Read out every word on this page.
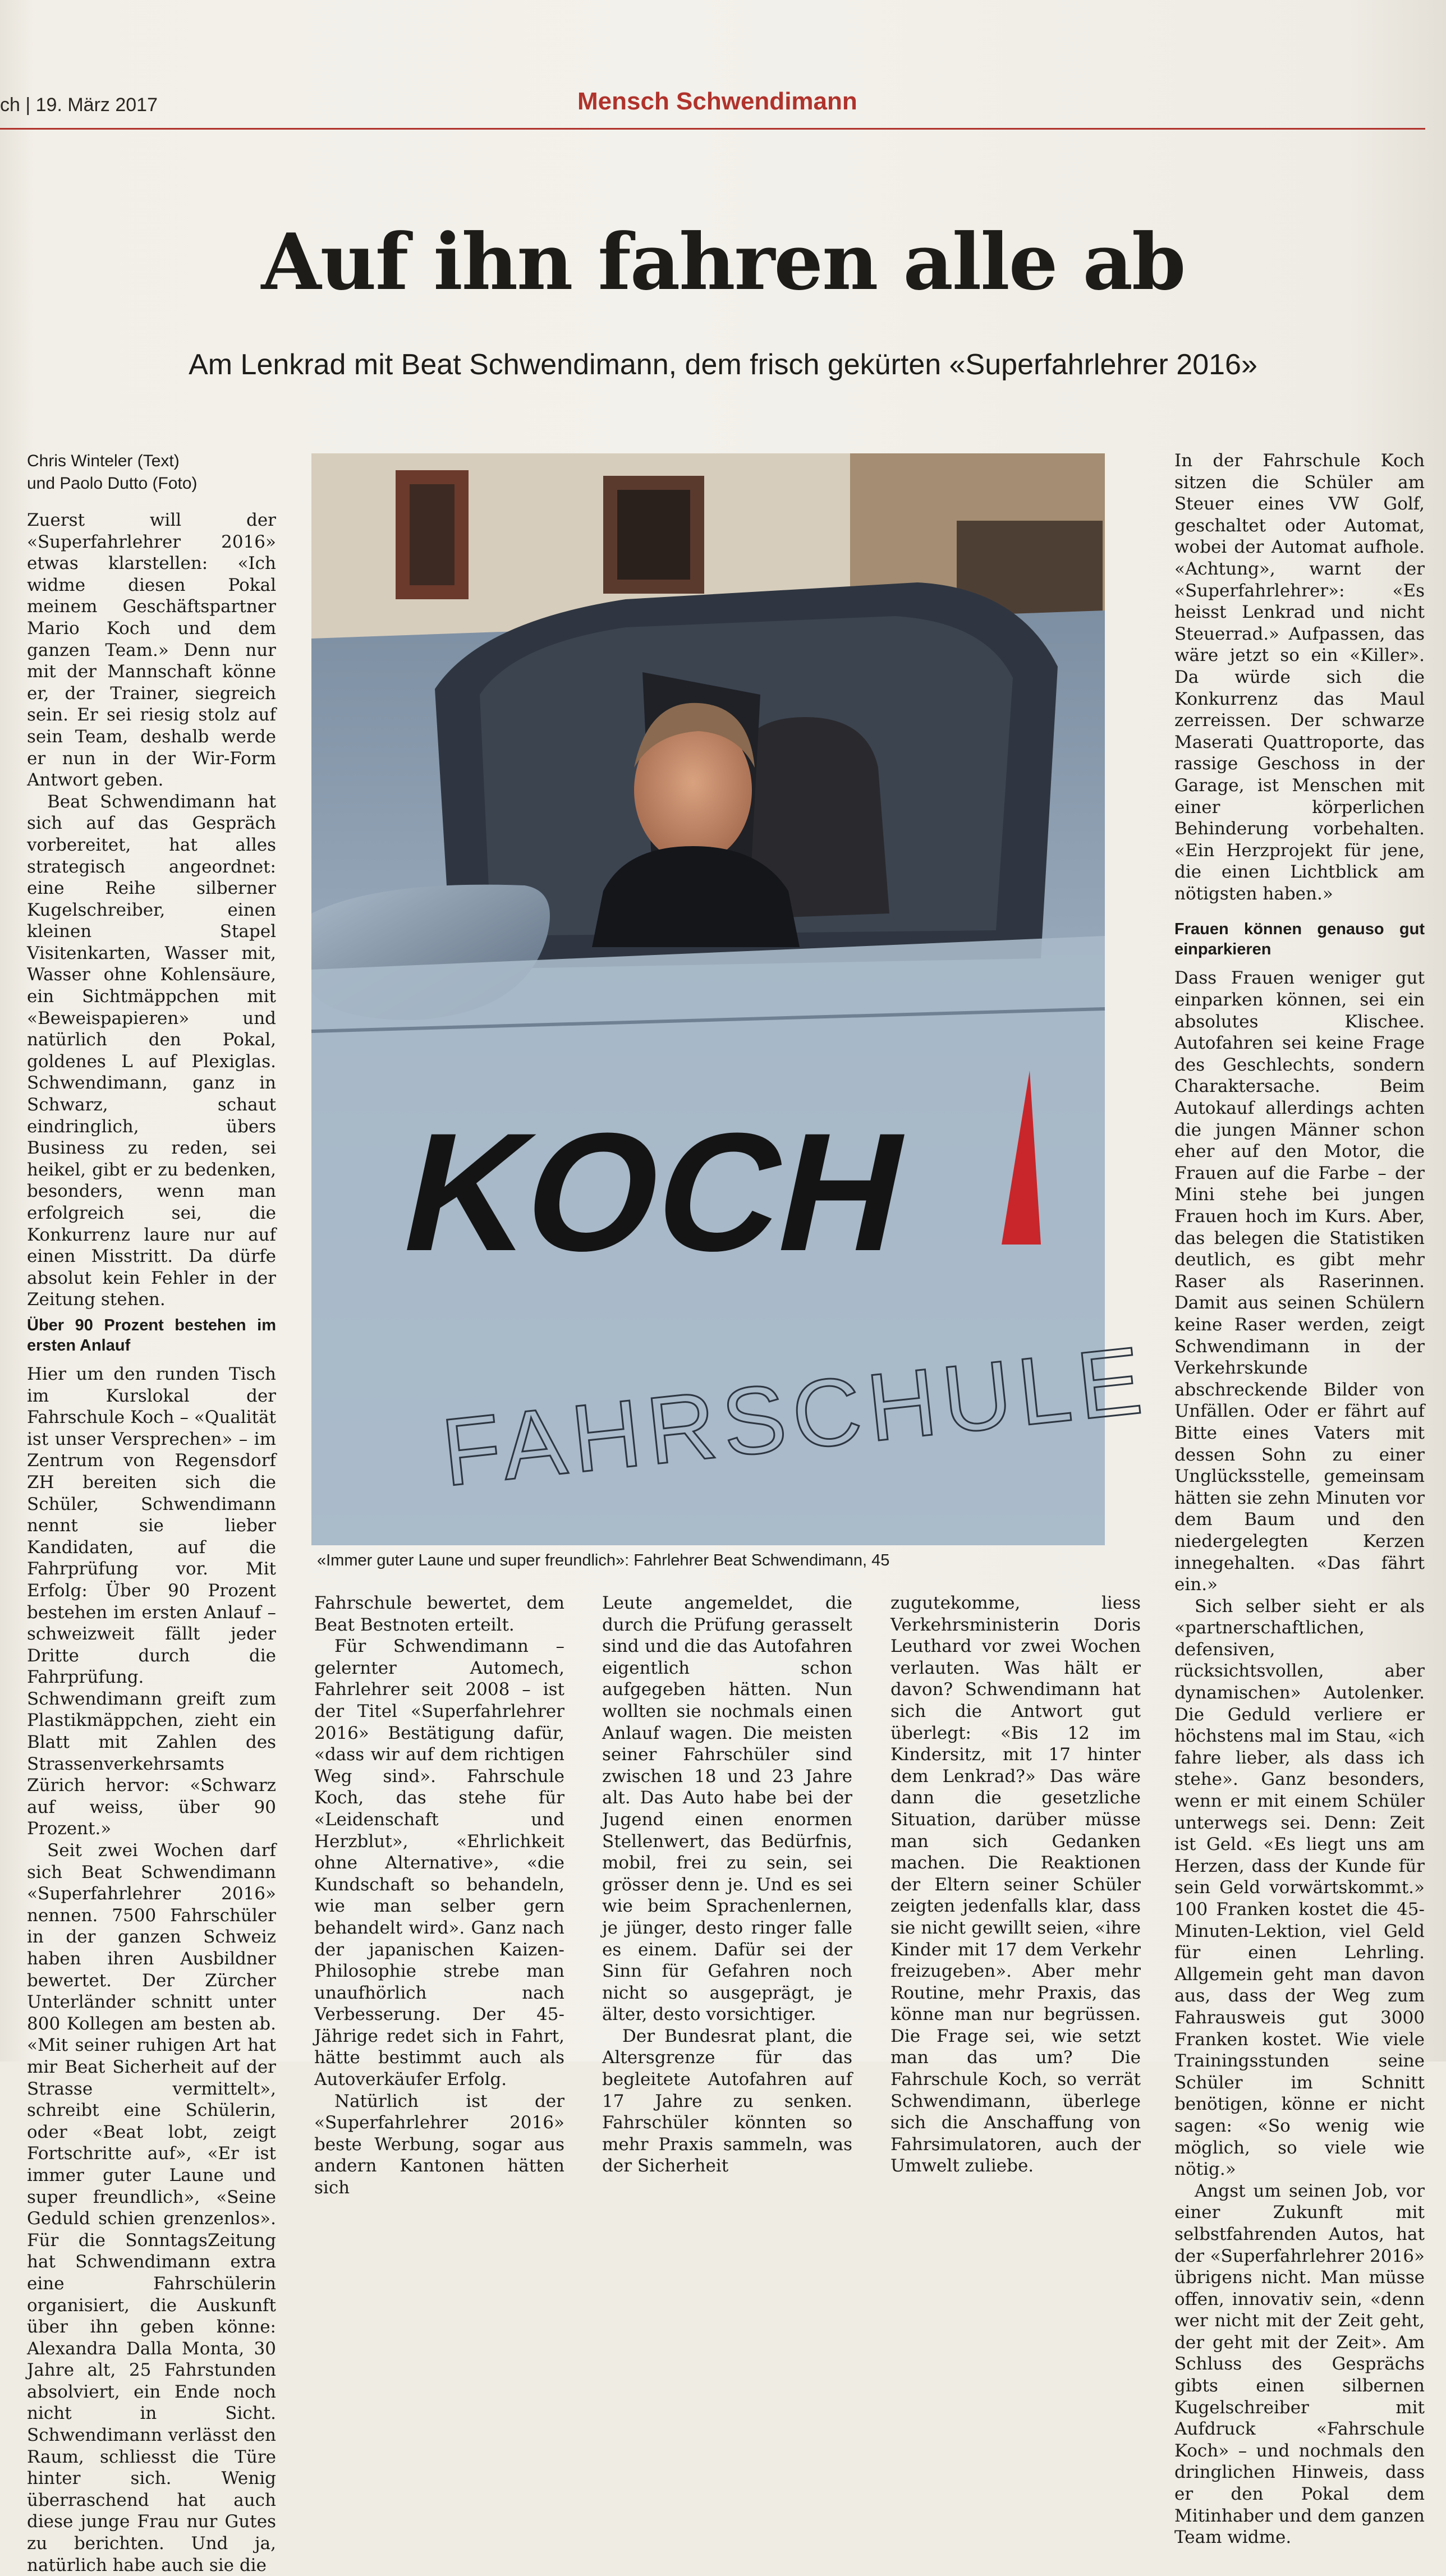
ch | 19. März 2017	Mensch Schwendimann
Auf ihn fahren alle ab
Am Lenkrad mit Beat Schwendimann, dem frisch gekürten «Superfahrlehrer 2016»
Chris Winteler (Text)
und Paolo Dutto (Foto)

Zuerst will der «Superfahrlehrer 2016» etwas klarstellen: «Ich widme diesen Pokal meinem Geschäftspartner Mario Koch und dem ganzen Team.» Denn nur mit der Mannschaft könne er, der Trainer, siegreich sein. Er sei riesig stolz auf sein Team, deshalb werde er nun in der Wir-Form Antwort geben.

Beat Schwendimann hat sich auf das Gespräch vorbereitet, hat alles strategisch angeordnet: eine Reihe silberner Kugelschreiber, einen kleinen Stapel Visitenkarten, Wasser mit, Wasser ohne Kohlensäure, ein Sichtmäppchen mit «Beweispapieren» und natürlich den Pokal, goldenes L auf Plexiglas. Schwendimann, ganz in Schwarz, schaut eindringlich, übers Business zu reden, sei heikel, gibt er zu bedenken, besonders, wenn man erfolgreich sei, die Konkurrenz laure nur auf einen Misstritt. Da dürfe absolut kein Fehler in der Zeitung stehen.

Über 90 Prozent bestehen im ersten Anlauf

Hier um den runden Tisch im Kurslokal der Fahrschule Koch – «Qualität ist unser Versprechen» – im Zentrum von Regensdorf ZH bereiten sich die Schüler, Schwendimann nennt sie lieber Kandidaten, auf die Fahrprüfung vor. Mit Erfolg: Über 90 Prozent bestehen im ersten Anlauf – schweizweit fällt jeder Dritte durch die Fahrprüfung. Schwendimann greift zum Plastikmäppchen, zieht ein Blatt mit Zahlen des Strassenverkehrsamts Zürich hervor: «Schwarz auf weiss, über 90 Prozent.»

Seit zwei Wochen darf sich Beat Schwendimann «Superfahrlehrer 2016» nennen. 7500 Fahrschüler in der ganzen Schweiz haben ihren Ausbildner bewertet. Der Zürcher Unterländer schnitt unter 800 Kollegen am besten ab. «Mit seiner ruhigen Art hat mir Beat Sicherheit auf der Strasse vermittelt», schreibt eine Schülerin, oder «Beat lobt, zeigt Fortschritte auf», «Er ist immer guter Laune und super freundlich», «Seine Geduld schien grenzenlos». Für die SonntagsZeitung hat Schwendimann extra eine Fahrschülerin organisiert, die Auskunft über ihn geben könne: Alexandra Dalla Monta, 30 Jahre alt, 25 Fahrstunden absolviert, ein Ende noch nicht in Sicht. Schwendimann verlässt den Raum, schliesst die Türe hinter sich. Wenig überraschend hat auch diese junge Frau nur Gutes zu berichten. Und ja, natürlich habe auch sie die

KOCH
FAHRSCHULE
«Immer guter Laune und super freundlich»: Fahrlehrer Beat Schwendimann, 45

Fahrschule bewertet, dem Beat Bestnoten erteilt.

Für Schwendimann – gelernter Automech, Fahrlehrer seit 2008 – ist der Titel «Superfahrlehrer 2016» Bestätigung dafür, «dass wir auf dem richtigen Weg sind». Fahrschule Koch, das stehe für «Leidenschaft und Herzblut», «Ehrlichkeit ohne Alternative», «die Kundschaft so behandeln, wie man selber gern behandelt wird». Ganz nach der japanischen Kaizen-Philosophie strebe man unaufhörlich nach Verbesserung. Der 45-Jährige redet sich in Fahrt, hätte bestimmt auch als Autoverkäufer Erfolg.

Natürlich ist der «Superfahrlehrer 2016» beste Werbung, sogar aus andern Kantonen hätten sich

Leute angemeldet, die durch die Prüfung gerasselt sind und die das Autofahren eigentlich schon aufgegeben hätten. Nun wollten sie nochmals einen Anlauf wagen. Die meisten seiner Fahrschüler sind zwischen 18 und 23 Jahre alt. Das Auto habe bei der Jugend einen enormen Stellenwert, das Bedürfnis, mobil, frei zu sein, sei grösser denn je. Und es sei wie beim Sprachenlernen, je jünger, desto ringer falle es einem. Dafür sei der Sinn für Gefahren noch nicht so ausgeprägt, je älter, desto vorsichtiger.

Der Bundesrat plant, die Altersgrenze für das begleitete Autofahren auf 17 Jahre zu senken. Fahrschüler könnten so mehr Praxis sammeln, was der Sicherheit

zugutekomme, liess Verkehrsministerin Doris Leuthard vor zwei Wochen verlauten. Was hält er davon? Schwendimann hat sich die Antwort gut überlegt: «Bis 12 im Kindersitz, mit 17 hinter dem Lenkrad?» Das wäre dann die gesetzliche Situation, darüber müsse man sich Gedanken machen. Die Reaktionen der Eltern seiner Schüler zeigten jedenfalls klar, dass sie nicht gewillt seien, «ihre Kinder mit 17 dem Verkehr freizugeben». Aber mehr Routine, mehr Praxis, das könne man nur begrüssen. Die Frage sei, wie setzt man das um? Die Fahrschule Koch, so verrät Schwendimann, überlege sich die Anschaffung von Fahrsimulatoren, auch der Umwelt zuliebe.

In der Fahrschule Koch sitzen die Schüler am Steuer eines VW Golf, geschaltet oder Automat, wobei der Automat aufhole. «Achtung», warnt der «Superfahrlehrer»: «Es heisst Lenkrad und nicht Steuerrad.» Aufpassen, das wäre jetzt so ein «Killer». Da würde sich die Konkurrenz das Maul zerreissen. Der schwarze Maserati Quattroporte, das rassige Geschoss in der Garage, ist Menschen mit einer körperlichen Behinderung vorbehalten. «Ein Herzprojekt für jene, die einen Lichtblick am nötigsten haben.»

Frauen können genauso gut einparkieren

Dass Frauen weniger gut einparken können, sei ein absolutes Klischee. Autofahren sei keine Frage des Geschlechts, sondern Charaktersache. Beim Autokauf allerdings achten die jungen Männer schon eher auf den Motor, die Frauen auf die Farbe – der Mini stehe bei jungen Frauen hoch im Kurs. Aber, das belegen die Statistiken deutlich, es gibt mehr Raser als Raserinnen. Damit aus seinen Schülern keine Raser werden, zeigt Schwendimann in der Verkehrskunde abschreckende Bilder von Unfällen. Oder er fährt auf Bitte eines Vaters mit dessen Sohn zu einer Unglücksstelle, gemeinsam hätten sie zehn Minuten vor dem Baum und den niedergelegten Kerzen innegehalten. «Das fährt ein.»

Sich selber sieht er als «partnerschaftlichen, defensiven, rücksichtsvollen, aber dynamischen» Autolenker. Die Geduld verliere er höchstens mal im Stau, «ich fahre lieber, als dass ich stehe». Ganz besonders, wenn er mit einem Schüler unterwegs sei. Denn: Zeit ist Geld. «Es liegt uns am Herzen, dass der Kunde für sein Geld vorwärtskommt.» 100 Franken kostet die 45-Minuten-Lektion, viel Geld für einen Lehrling. Allgemein geht man davon aus, dass der Weg zum Fahrausweis gut 3000 Franken kostet. Wie viele Trainingsstunden seine Schüler im Schnitt benötigen, könne er nicht sagen: «So wenig wie möglich, so viele wie nötig.»

Angst um seinen Job, vor einer Zukunft mit selbstfahrenden Autos, hat der «Superfahrlehrer 2016» übrigens nicht. Man müsse offen, innovativ sein, «denn wer nicht mit der Zeit geht, der geht mit der Zeit». Am Schluss des Gesprächs gibts einen silbernen Kugelschreiber mit Aufdruck «Fahrschule Koch» – und nochmals den dringlichen Hinweis, dass er den Pokal dem Mitinhaber und dem ganzen Team widme.
